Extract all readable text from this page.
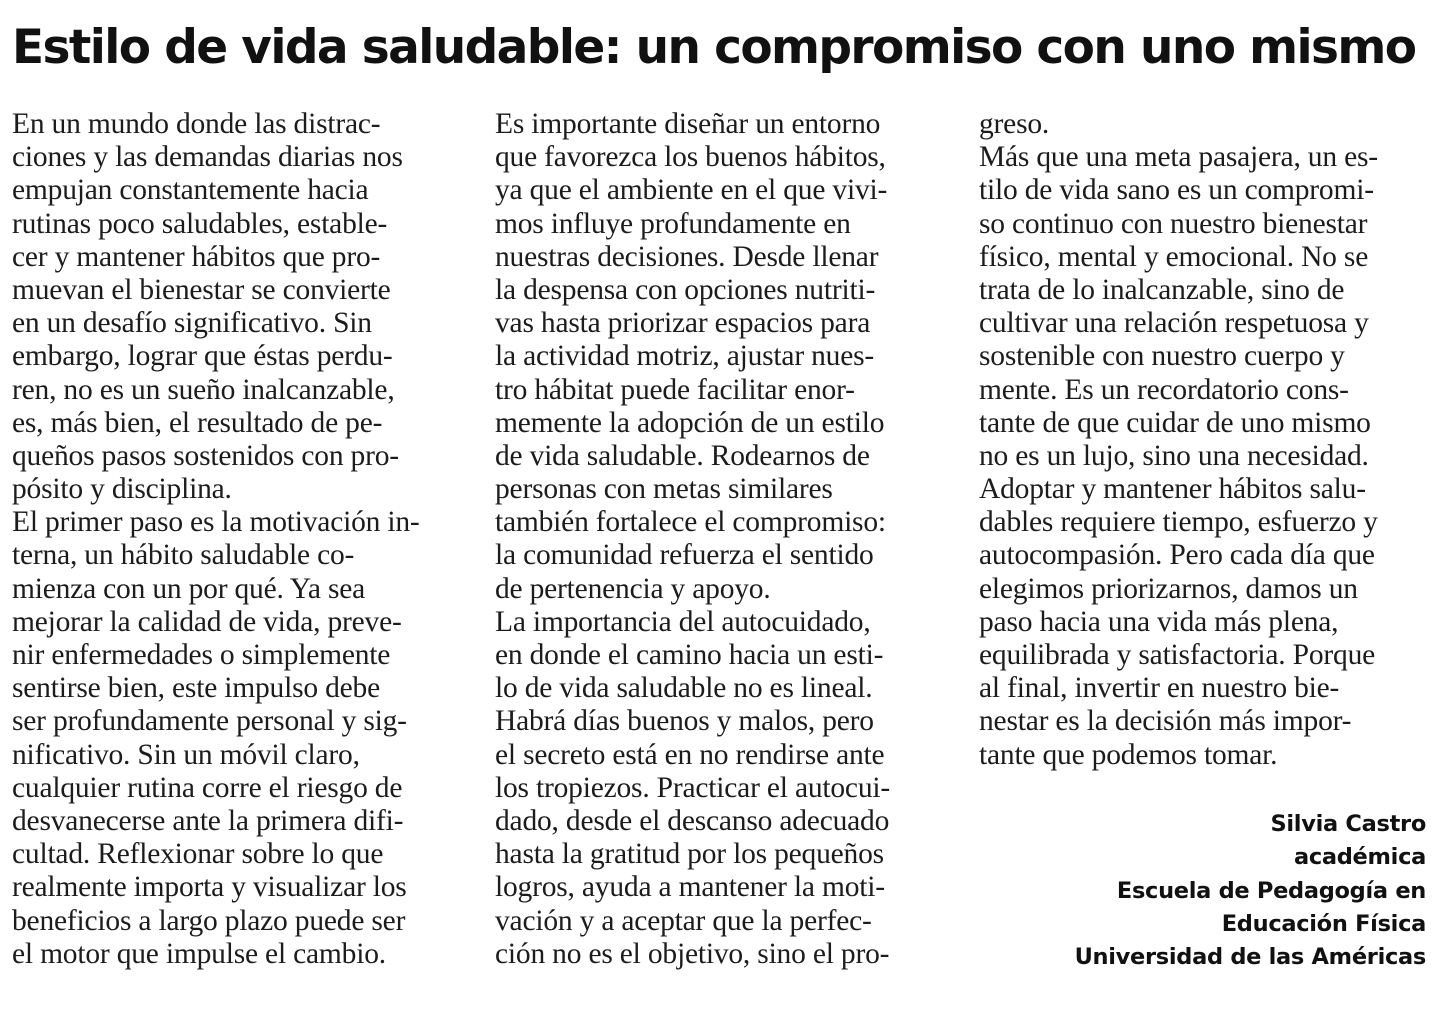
Estilo de vida saludable: un compromiso con uno mismo
En un mundo donde las distrac-
ciones y las demandas diarias nos
empujan constantemente hacia
rutinas poco saludables, estable-
cer y mantener hábitos que pro-
muevan el bienestar se convierte
en un desafío significativo. Sin
embargo, lograr que éstas perdu-
ren, no es un sueño inalcanzable,
es, más bien, el resultado de pe-
queños pasos sostenidos con pro-
pósito y disciplina.
El primer paso es la motivación in-
terna, un hábito saludable co-
mienza con un por qué. Ya sea
mejorar la calidad de vida, preve-
nir enfermedades o simplemente
sentirse bien, este impulso debe
ser profundamente personal y sig-
nificativo. Sin un móvil claro,
cualquier rutina corre el riesgo de
desvanecerse ante la primera difi-
cultad. Reflexionar sobre lo que
realmente importa y visualizar los
beneficios a largo plazo puede ser
el motor que impulse el cambio.
Es importante diseñar un entorno
que favorezca los buenos hábitos,
ya que el ambiente en el que vivi-
mos influye profundamente en
nuestras decisiones. Desde llenar
la despensa con opciones nutriti-
vas hasta priorizar espacios para
la actividad motriz, ajustar nues-
tro hábitat puede facilitar enor-
memente la adopción de un estilo
de vida saludable. Rodearnos de
personas con metas similares
también fortalece el compromiso:
la comunidad refuerza el sentido
de pertenencia y apoyo.
La importancia del autocuidado,
en donde el camino hacia un esti-
lo de vida saludable no es lineal.
Habrá días buenos y malos, pero
el secreto está en no rendirse ante
los tropiezos. Practicar el autocui-
dado, desde el descanso adecuado
hasta la gratitud por los pequeños
logros, ayuda a mantener la moti-
vación y a aceptar que la perfec-
ción no es el objetivo, sino el pro-
greso.
Más que una meta pasajera, un es-
tilo de vida sano es un compromi-
so continuo con nuestro bienestar
físico, mental y emocional. No se
trata de lo inalcanzable, sino de
cultivar una relación respetuosa y
sostenible con nuestro cuerpo y
mente. Es un recordatorio cons-
tante de que cuidar de uno mismo
no es un lujo, sino una necesidad.
Adoptar y mantener hábitos salu-
dables requiere tiempo, esfuerzo y
autocompasión. Pero cada día que
elegimos priorizarnos, damos un
paso hacia una vida más plena,
equilibrada y satisfactoria. Porque
al final, invertir en nuestro bie-
nestar es la decisión más impor-
tante que podemos tomar.
Silvia Castro
académica
Escuela de Pedagogía en
Educación Física
Universidad de las Américas
